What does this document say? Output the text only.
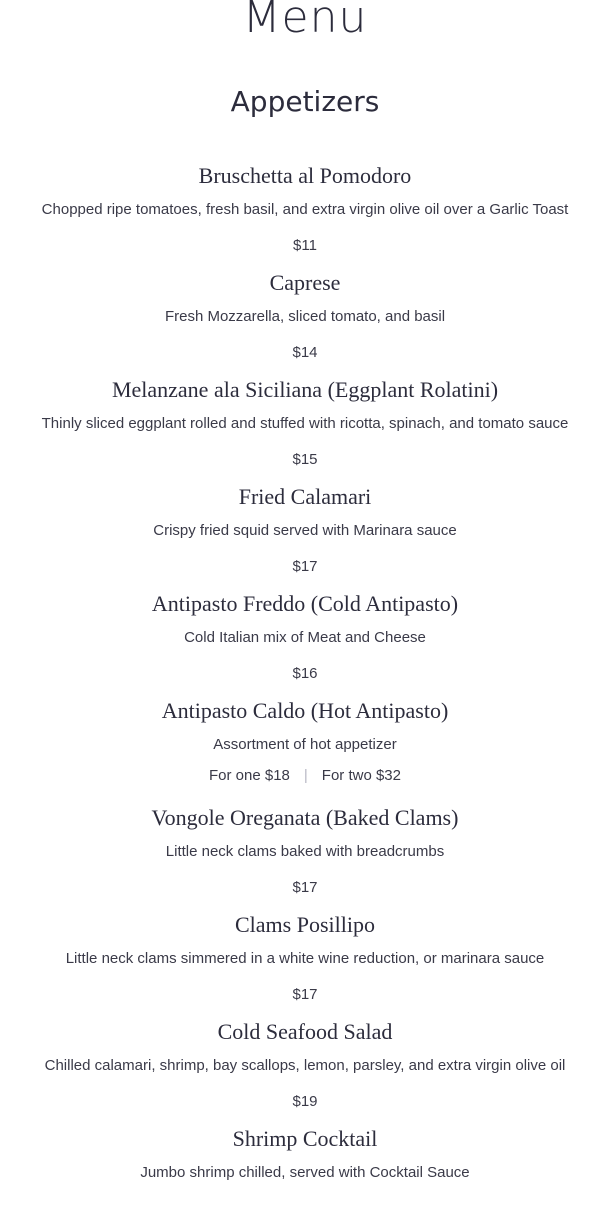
Menu
Appetizers
Bruschetta al Pomodoro
Chopped ripe tomatoes, fresh basil, and extra virgin olive oil over a Garlic Toast
$11
Caprese
Fresh Mozzarella, sliced tomato, and basil
$14
Melanzane ala Siciliana (Eggplant Rolatini)
Thinly sliced eggplant rolled and stuffed with ricotta, spinach, and tomato sauce
$15
Fried Calamari
Crispy fried squid served with Marinara sauce
$17
Antipasto Freddo (Cold Antipasto)
Cold Italian mix of Meat and Cheese
$16
Antipasto Caldo (Hot Antipasto)
Assortment of hot appetizer
For one $18 | For two $32
Vongole Oreganata (Baked Clams)
Little neck clams baked with breadcrumbs
$17
Clams Posillipo
Little neck clams simmered in a white wine reduction, or marinara sauce
$17
Cold Seafood Salad
Chilled calamari, shrimp, bay scallops, lemon, parsley, and extra virgin olive oil
$19
Shrimp Cocktail
Jumbo shrimp chilled, served with Cocktail Sauce
